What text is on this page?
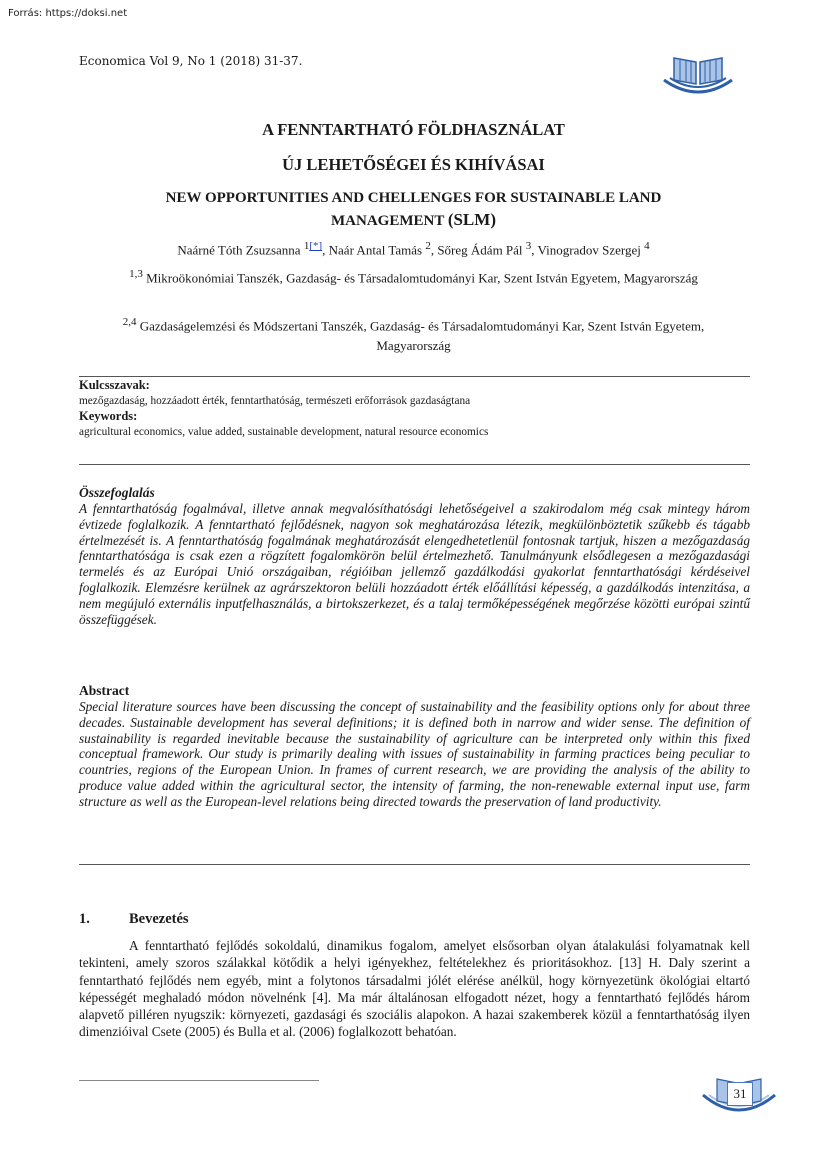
Forrás: https://doksi.net
Economica Vol 9, No 1 (2018) 31-37.
A FENNTARTHATÓ FÖLDHASZNÁLAT
ÚJ LEHETŐSÉGEI ÉS KIHÍVÁSAI
NEW OPPORTUNITIES AND CHELLENGES FOR SUSTAINABLE LAND
MANAGEMENT (SLM)
Naárné Tóth Zsuzsanna $^{1[*]}$, Naár Antal Tamás $^2$, Sőreg Ádám Pál $^3$, Vinogradov Szergej $^4$
$^{1,3}$ Mikroökonómiai Tanszék, Gazdaság- és Társadalomtudományi Kar, Szent István Egyetem, Magyarország
$^{2,4}$ Gazdaságelemzési és Módszertani Tanszék, Gazdaság- és Társadalomtudományi Kar, Szent István Egyetem, Magyarország
Kulcsszavak:
mezőgazdaság, hozzáadott érték, fenntarthatóság, természeti erőforrások gazdaságtana
Keywords:
agricultural economics, value added, sustainable development, natural resource economics

Összefoglalás

A fenntarthatóság fogalmával, illetve annak megvalósíthatósági lehetőségeivel a szakirodalom még csak mintegy három évtizede foglalkozik. A fenntartható fejlődésnek, nagyon sok meghatározása létezik, megkülönböztetik szűkebb és tágabb értelmezését is. A fenntarthatóság fogalmának meghatározását elengedhetetlenül fontosnak tartjuk, hiszen a mezőgazdaság fenntarthatósága is csak ezen a rögzített fogalomkörön belül értelmezhető. Tanulmányunk elsődlegesen a mezőgazdasági termelés és az Európai Unió országaiban, régióiban jellemző gazdálkodási gyakorlat fenntarthatósági kérdéseivel foglalkozik. Elemzésre kerülnek az agrárszektoron belüli hozzáadott érték előállítási képesség, a gazdálkodás intenzitása, a nem megújuló externális inputfelhasználás, a birtokszerkezet, és a talaj termőképességének megőrzése közötti európai szintű összefüggések.

Abstract

Special literature sources have been discussing the concept of sustainability and the feasibility options only for about three decades. Sustainable development has several definitions; it is defined both in narrow and wider sense. The definition of sustainability is regarded inevitable because the sustainability of agriculture can be interpreted only within this fixed conceptual framework. Our study is primarily dealing with issues of sustainability in farming practices being peculiar to countries, regions of the European Union. In frames of current research, we are providing the analysis of the ability to produce value added within the agricultural sector, the intensity of farming, the non-renewable external input use, farm structure as well as the European-level relations being directed towards the preservation of land productivity.

1.	Bevezetés

A fenntartható fejlődés sokoldalú, dinamikus fogalom, amelyet elsősorban olyan átalakulási folyamatnak kell tekinteni, amely szoros szálakkal kötődik a helyi igényekhez, feltételekhez és prioritásokhoz. [13] H. Daly szerint a fenntartható fejlődés nem egyéb, mint a folytonos társadalmi jólét elérése anélkül, hogy környezetünk ökológiai eltartó képességét meghaladó módon növelnénk [4]. Ma már általánosan elfogadott nézet, hogy a fenntartható fejlődés három alapvető pilléren nyugszik: környezeti, gazdasági és szociális alapokon. A hazai szakemberek közül a fenntarthatóság ilyen dimenzióival Csete (2005) és Bulla et al. (2006) foglalkozott behatóan.

31
